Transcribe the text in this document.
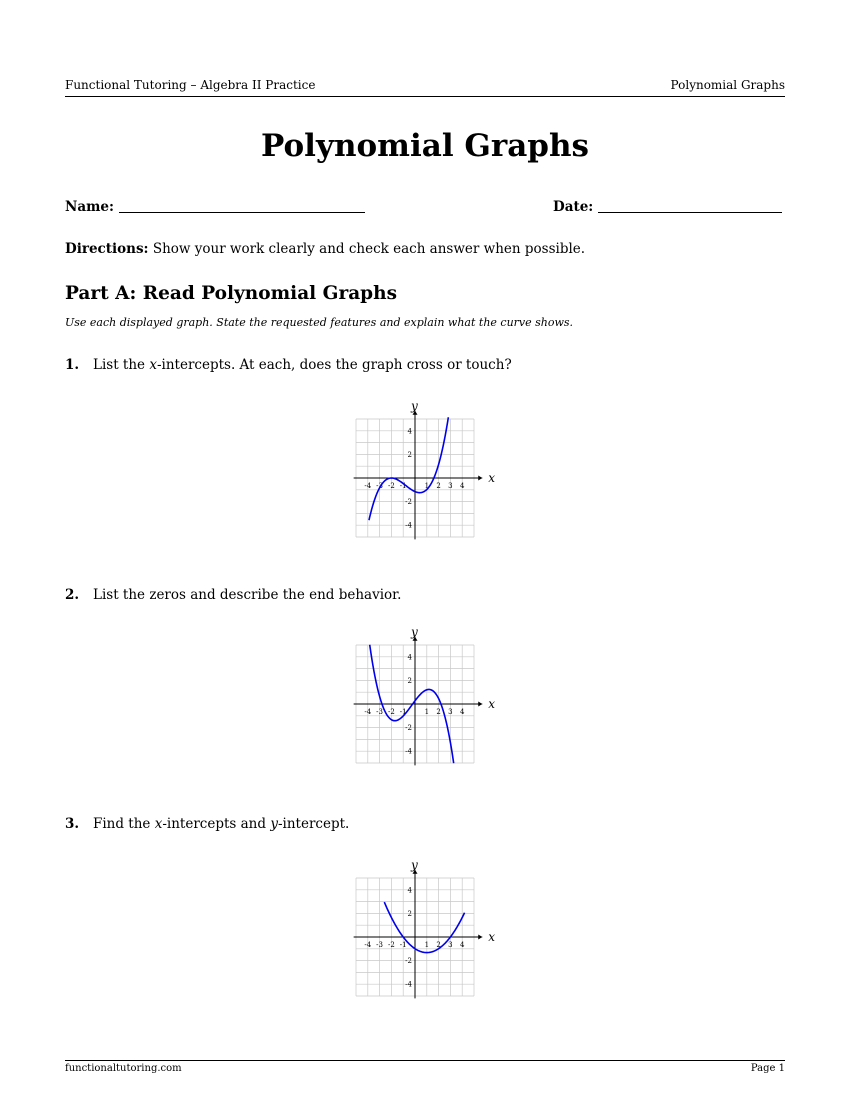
Functional Tutoring – Algebra II Practice	Polynomial Graphs
Polynomial Graphs
Name:	Date:
Directions: Show your work clearly and check each answer when possible.
Part A: Read Polynomial Graphs
Use each displayed graph. State the requested features and explain what the curve shows.
1. List the x-intercepts. At each, does the graph cross or touch?
-4 -3 -2 -1	1 2 3 4
4
2
-2
-4
x
y
2. List the zeros and describe the end behavior.
-4 -3 -2 -1	1 2 3 4
4
2
-2
-4
x
y
3. Find the x-intercepts and y-intercept.
-4 -3 -2 -1	1 2 3 4
4
2
-2
-4
x
y
functionaltutoring.com	Page 1
